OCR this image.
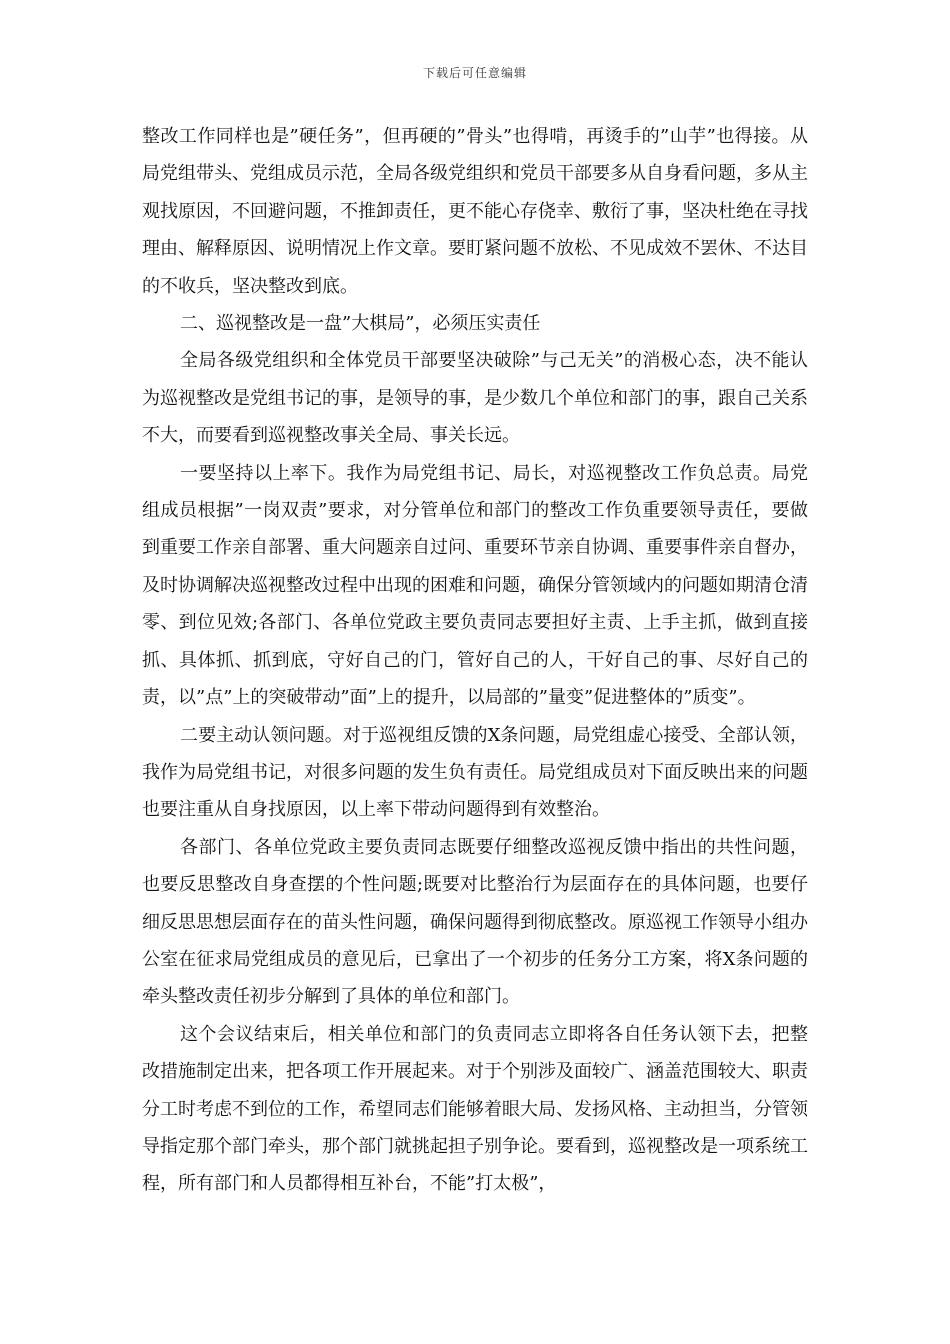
下载后可任意编辑

整改工作同样也是”硬任务”，但再硬的”骨头”也得啃，再烫手的”山芋”也得接。从局党组带头、党组成员示范，全局各级党组织和党员干部要多从自身看问题，多从主观找原因，不回避问题，不推卸责任，更不能心存侥幸、敷衍了事，坚决杜绝在寻找理由、解释原因、说明情况上作文章。要盯紧问题不放松、不见成效不罢休、不达目的不收兵，坚决整改到底。

二、巡视整改是一盘”大棋局”，必须压实责任

全局各级党组织和全体党员干部要坚决破除”与己无关”的消极心态，决不能认为巡视整改是党组书记的事，是领导的事，是少数几个单位和部门的事，跟自己关系不大，而要看到巡视整改事关全局、事关长远。

一要坚持以上率下。我作为局党组书记、局长，对巡视整改工作负总责。局党组成员根据”一岗双责”要求，对分管单位和部门的整改工作负重要领导责任，要做到重要工作亲自部署、重大问题亲自过问、重要环节亲自协调、重要事件亲自督办，及时协调解决巡视整改过程中出现的困难和问题，确保分管领域内的问题如期清仓清零、到位见效;各部门、各单位党政主要负责同志要担好主责、上手主抓，做到直接抓、具体抓、抓到底，守好自己的门，管好自己的人，干好自己的事、尽好自己的责，以”点”上的突破带动”面”上的提升，以局部的”量变”促进整体的”质变”。

二要主动认领问题。对于巡视组反馈的X条问题，局党组虚心接受、全部认领，我作为局党组书记，对很多问题的发生负有责任。局党组成员对下面反映出来的问题也要注重从自身找原因，以上率下带动问题得到有效整治。

各部门、各单位党政主要负责同志既要仔细整改巡视反馈中指出的共性问题，也要反思整改自身查摆的个性问题;既要对比整治行为层面存在的具体问题，也要仔细反思思想层面存在的苗头性问题，确保问题得到彻底整改。原巡视工作领导小组办公室在征求局党组成员的意见后，已拿出了一个初步的任务分工方案，将X条问题的牵头整改责任初步分解到了具体的单位和部门。

这个会议结束后，相关单位和部门的负责同志立即将各自任务认领下去，把整改措施制定出来，把各项工作开展起来。对于个别涉及面较广、涵盖范围较大、职责分工时考虑不到位的工作，希望同志们能够着眼大局、发扬风格、主动担当，分管领导指定那个部门牵头，那个部门就挑起担子别争论。要看到，巡视整改是一项系统工程，所有部门和人员都得相互补台，不能”打太极”，
